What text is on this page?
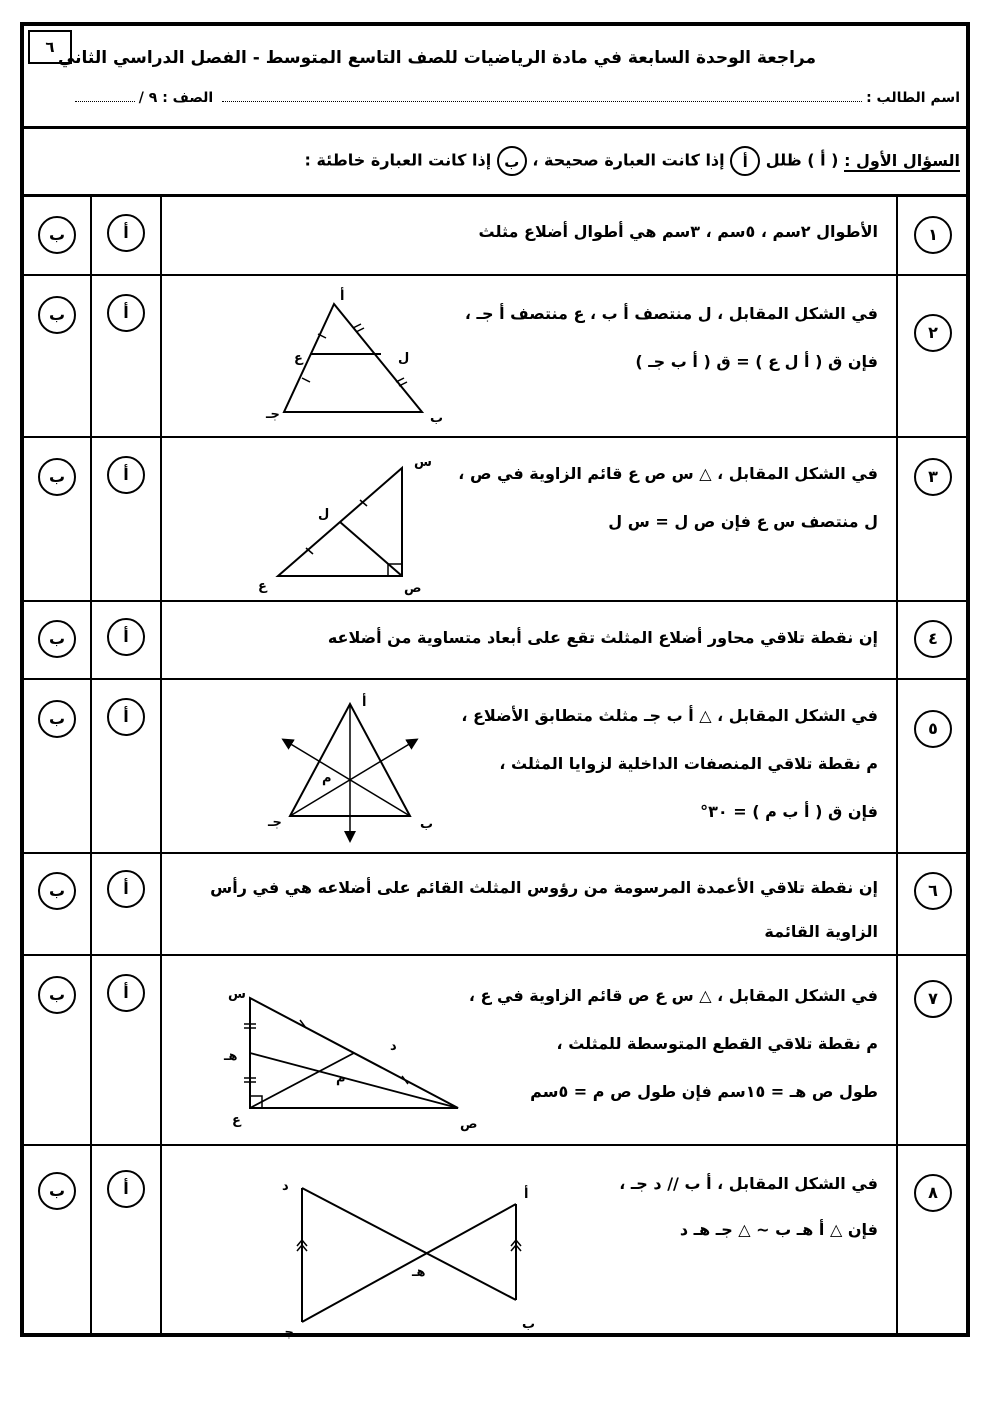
٦
مراجعة الوحدة السابعة في مادة الرياضيات للصف التاسع المتوسط - الفصل الدراسي الثاني
اسم الطالب : الصف : ٩ /
السؤال الأول : ( أ ) ظلل أ إذا كانت العبارة صحيحة ، ب إذا كانت العبارة خاطئة :
١
الأطوال ٢سم ، ٥سم ، ٣سم هي أطوال أضلاع مثلث
أ
ب
٢
في الشكل المقابل ، ل منتصف أ ب ، ع منتصف أ جـ ،
فإن ق ( أ ل ع ) = ق ( أ ب جـ )
أ
ب
أ
ع	ل
جـ	ب
٣
في الشكل المقابل ، △ س ص ع قائم الزاوية في ص ،
ل منتصف س ع فإن ص ل = س ل
أ
ب
س
ل
ع	ص
٤
إن نقطة تلاقي محاور أضلاع المثلث تقع على أبعاد متساوية من أضلاعه
أ
ب
٥
في الشكل المقابل ، △ أ ب جـ مثلث متطابق الأضلاع ،
م نقطة تلاقي المنصفات الداخلية لزوايا المثلث ،
فإن ق ( أ ب م ) = ٣٠°
أ
ب
أ
م
جـ	ب
٦
إن نقطة تلاقي الأعمدة المرسومة من رؤوس المثلث القائم على أضلاعه هي في رأس
الزاوية القائمة
أ
ب
٧
في الشكل المقابل ، △ س ع ص قائم الزاوية في ع ،
م نقطة تلاقي القطع المتوسطة للمثلث ،
طول ص هـ = ١٥سم فإن طول ص م = ٥سم
أ
ب	س
هـ
ع
د
م
ص
٨
في الشكل المقابل ، أ ب // د جـ ،
فإن △ أ هـ ب ~ △ جـ هـ د
أ
ب	د
جـ
أ
ب
هـ
